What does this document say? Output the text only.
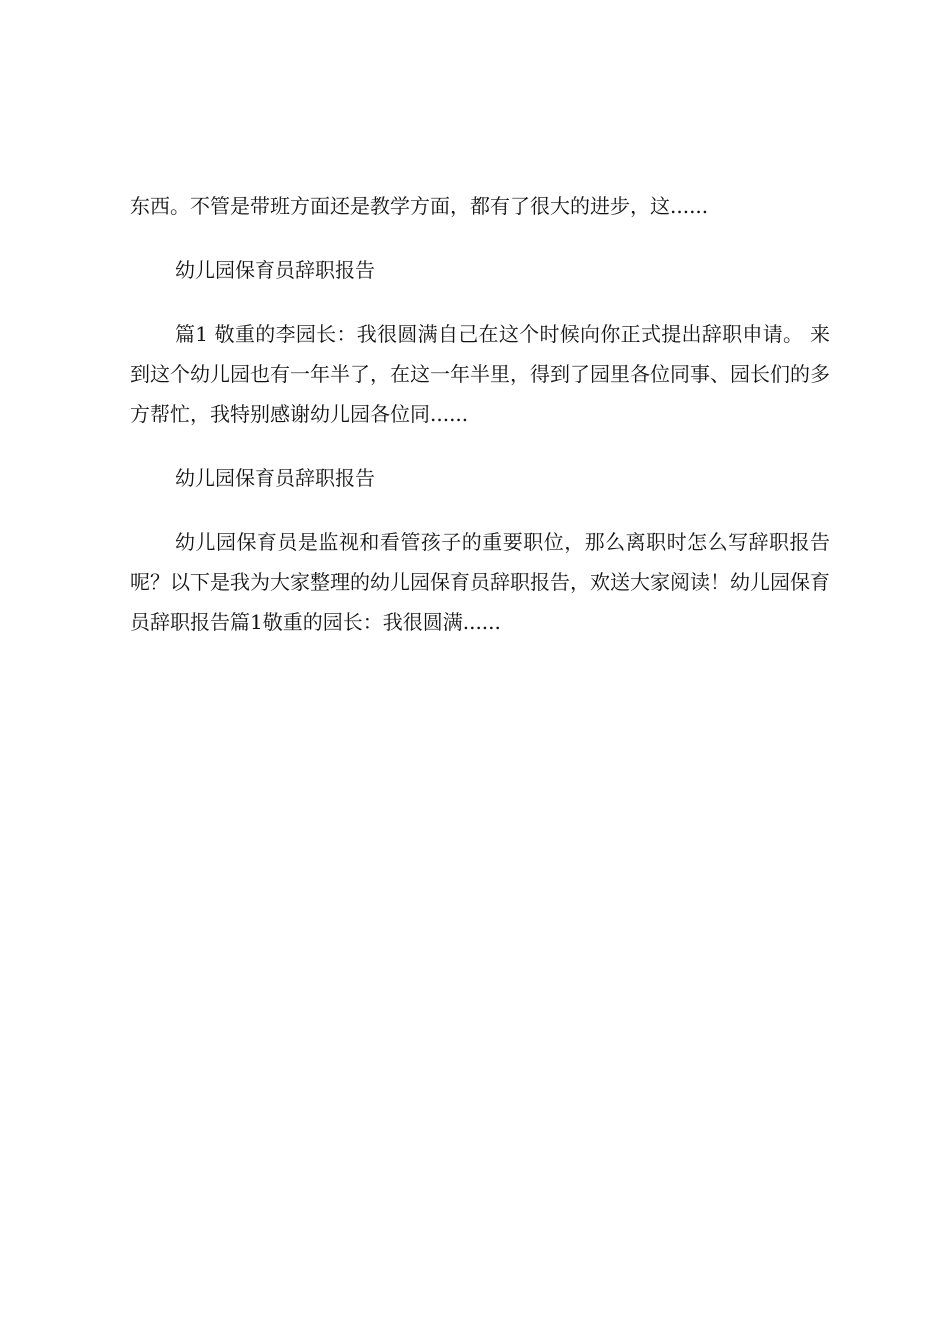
东西。不管是带班方面还是教学方面，都有了很大的进步，这......

幼儿园保育员辞职报告

篇1 敬重的李园长：我很圆满自己在这个时候向你正式提出辞职申请。 来到这个幼儿园也有一年半了，在这一年半里，得到了园里各位同事、园长们的多方帮忙，我特别感谢幼儿园各位同......

幼儿园保育员辞职报告

幼儿园保育员是监视和看管孩子的重要职位，那么离职时怎么写辞职报告呢？以下是我为大家整理的幼儿园保育员辞职报告，欢送大家阅读！幼儿园保育员辞职报告篇1敬重的园长：我很圆满......
